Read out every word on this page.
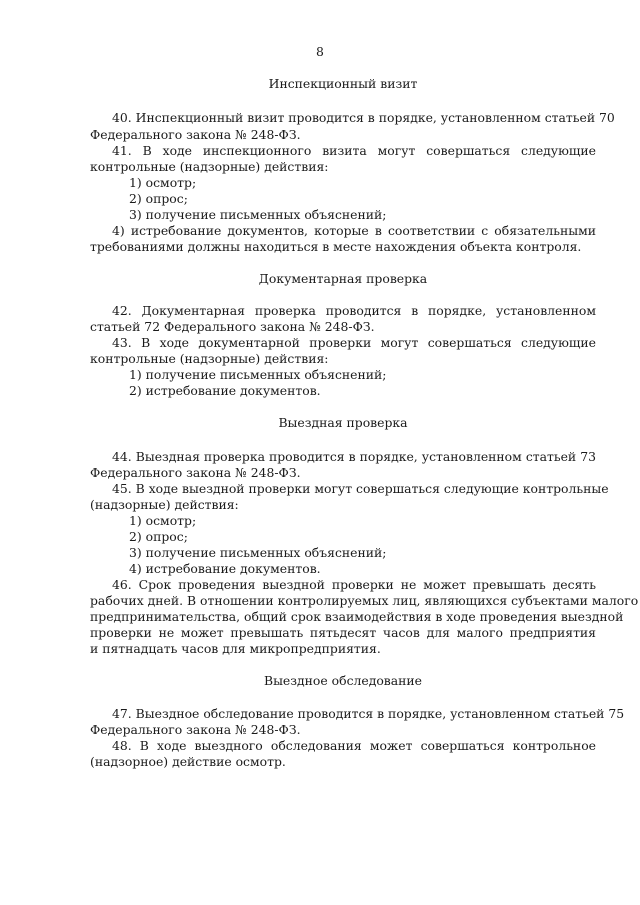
8
Инспекционный визит
40. Инспекционный визит проводится в порядке, установленном статьей 70
Федерального закона № 248-ФЗ.
41. В ходе инспекционного визита могут совершаться следующие
контрольные (надзорные) действия:
1) осмотр;
2) опрос;
3) получение письменных объяснений;
4) истребование документов, которые в соответствии с обязательными
требованиями должны находиться в месте нахождения объекта контроля.
Документарная проверка
42. Документарная проверка проводится в порядке, установленном
статьей 72 Федерального закона № 248-ФЗ.
43. В ходе документарной проверки могут совершаться следующие
контрольные (надзорные) действия:
1) получение письменных объяснений;
2) истребование документов.
Выездная проверка
44. Выездная проверка проводится в порядке, установленном статьей 73
Федерального закона № 248-ФЗ.
45. В ходе выездной проверки могут совершаться следующие контрольные
(надзорные) действия:
1) осмотр;
2) опрос;
3) получение письменных объяснений;
4) истребование документов.
46. Срок проведения выездной проверки не может превышать десять
рабочих дней. В отношении контролируемых лиц, являющихся субъектами малого
предпринимательства, общий срок взаимодействия в ходе проведения выездной
проверки не может превышать пятьдесят часов для малого предприятия
и пятнадцать часов для микропредприятия.
Выездное обследование
47. Выездное обследование проводится в порядке, установленном статьей 75
Федерального закона № 248-ФЗ.
48. В ходе выездного обследования может совершаться контрольное
(надзорное) действие осмотр.
